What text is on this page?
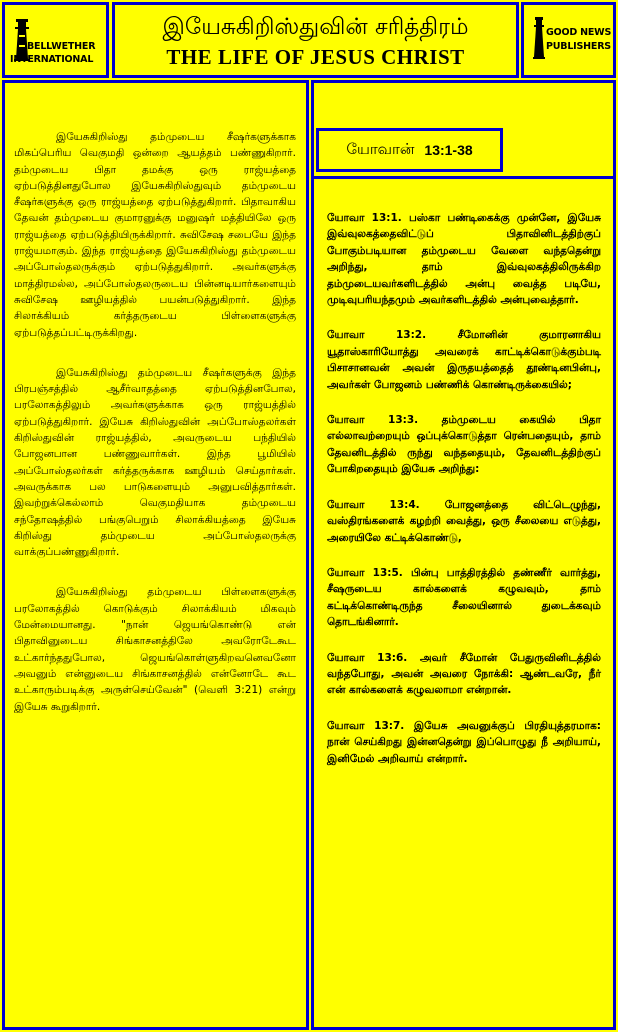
BELLWETHER
INTERNATIONAL
இயேசுகிறிஸ்துவின் சரித்திரம்
THE LIFE OF JESUS CHRIST
GOOD NEWS
PUBLISHERS

இயேசுகிறிஸ்து தம்முடைய சீஷர்களுக்காக மிகப்பெரிய வெகுமதி ஒன்றை ஆயத்தம் பண்ணுகிறார். தம்முடைய பிதா தமக்கு ஒரு ராஜ்யத்தை ஏற்படுத்தினதுபோல இயேசுகிறிஸ்துவும் தம்முடைய சீஷர்களுக்கு ஒரு ராஜ்யத்தை ஏற்படுத்துகிறார். பிதாவாகிய தேவன் தம்முடைய குமாரனுக்கு மனுஷர் மத்தியிலே ஒரு ராஜ்யத்தை ஏற்படுத்தியிருக்கிறார். சுவிசேஷ சபையே இந்த ராஜ்யமாகும். இந்த ராஜ்யத்தை இயேசுகிறிஸ்து தம்முடைய அப்போஸ்தலருக்கும் ஏற்படுத்துகிறார். அவர்களுக்கு மாத்திரமல்ல, அப்போஸ்தலருடைய பின்னடியார்களையும் சுவிசேஷ ஊழியத்தில் பயன்படுத்துகிறார். இந்த சிலாக்கியம் கர்த்தருடைய பிள்ளைகளுக்கு ஏற்படுத்தப்பட்டிருக்கிறது.

இயேசுகிறிஸ்து தம்முடைய சீஷர்களுக்கு இந்த பிரபஞ்சத்தில் ஆசீர்வாதத்தை ஏற்படுத்தினபோல, பரலோகத்திலும் அவர்களுக்காக ஒரு ராஜ்யத்தில் ஏற்படுத்துகிறார். இயேசு கிறிஸ்துவின் அப்போஸ்தலர்கள் கிறிஸ்துவின் ராஜ்யத்தில், அவருடைய பந்தியில் போஜனபான பண்ணுவார்கள். இந்த பூமியில் அப்போஸ்தலர்கள் கர்த்தருக்காக ஊழியம் செய்தார்கள். அவருக்காக பல பாடுகளையும் அனுபவித்தார்கள். இவற்றுக்கெல்லாம் வெகுமதியாக தம்முடைய சந்தோஷத்தில் பங்குபெறும் சிலாக்கியத்தை இயேசு கிறிஸ்து தம்முடைய அப்போஸ்தலருக்கு வாக்குப்பண்ணுகிறார்.

இயேசுகிறிஸ்து தம்முடைய பிள்ளைகளுக்கு பரலோகத்தில் கொடுக்கும் சிலாக்கியம் மிகவும் மேன்மையானது. "நான் ஜெயங்கொண்டு என் பிதாவினுடைய சிங்காசனத்திலே அவரோடேகூட உட்கார்ந்ததுபோல, ஜெயங்கொள்ளுகிறவனெவனோ அவனும் என்னுடைய சிங்காசனத்தில் என்னோடே கூட உட்காரும்படிக்கு அருள்செய்வேன்" (வெளி 3:21) என்று இயேசு கூறுகிறார்.

யோவான் 13:1-38

யோவா 13:1. பஸ்கா பண்டிகைக்கு முன்னே, இயேசு இவ்வுலகத்தைவிட்டுப் பிதாவினிடத்திற்குப் போகும்படியான தம்முடைய வேளை வந்ததென்று அறிந்து, தாம் இவ்வுலகத்திலிருக்கிற தம்முடையவர்களிடத்தில் அன்பு வைத்த படியே, முடிவுபரியந்தமும் அவர்களிடத்தில் அன்புவைத்தார்.

யோவா 13:2. சீமோனின் குமாரனாகிய யூதாஸ்காரியோத்து அவரைக் காட்டிக்கொடுக்கும்படி பிசாசானவன் அவன் இருதயத்தைத் தூண்டினபின்பு, அவர்கள் போஜனம் பண்ணிக் கொண்டிருக்கையில்;

யோவா 13:3. தம்முடைய கையில் பிதா எல்லாவற்றையும் ஒப்புக்கொடுத்தா ரென்பதையும், தாம் தேவனிடத்தில் ருந்து வந்ததையும், தேவனிடத்திற்குப் போகிறதையும் இயேசு அறிந்து:

யோவா 13:4. போஜனத்தை விட்டெழுந்து, வஸ்திரங்களைக் கழற்றி வைத்து, ஒரு சீலையை எடுத்து, அரையிலே கட்டிக்கொண்டு,

யோவா 13:5. பின்பு பாத்திரத்தில் தண்ணீர் வார்த்து, சீஷருடைய கால்களைக் கழுவவும், தாம் கட்டிக்கொண்டிருந்த சீலையினால் துடைக்கவும் தொடங்கினார்.

யோவா 13:6. அவர் சீமோன் பேதுருவினிடத்தில் வந்தபோது, அவன் அவரை நோக்கி: ஆண்டவரே, நீர் என் கால்களைக் கழுவலாமா என்றான்.

யோவா 13:7. இயேசு அவனுக்குப் பிரதியுத்தரமாக: நான் செய்கிறது இன்னதென்று இப்பொழுது நீ அறியாய், இனிமேல் அறிவாய் என்றார்.
